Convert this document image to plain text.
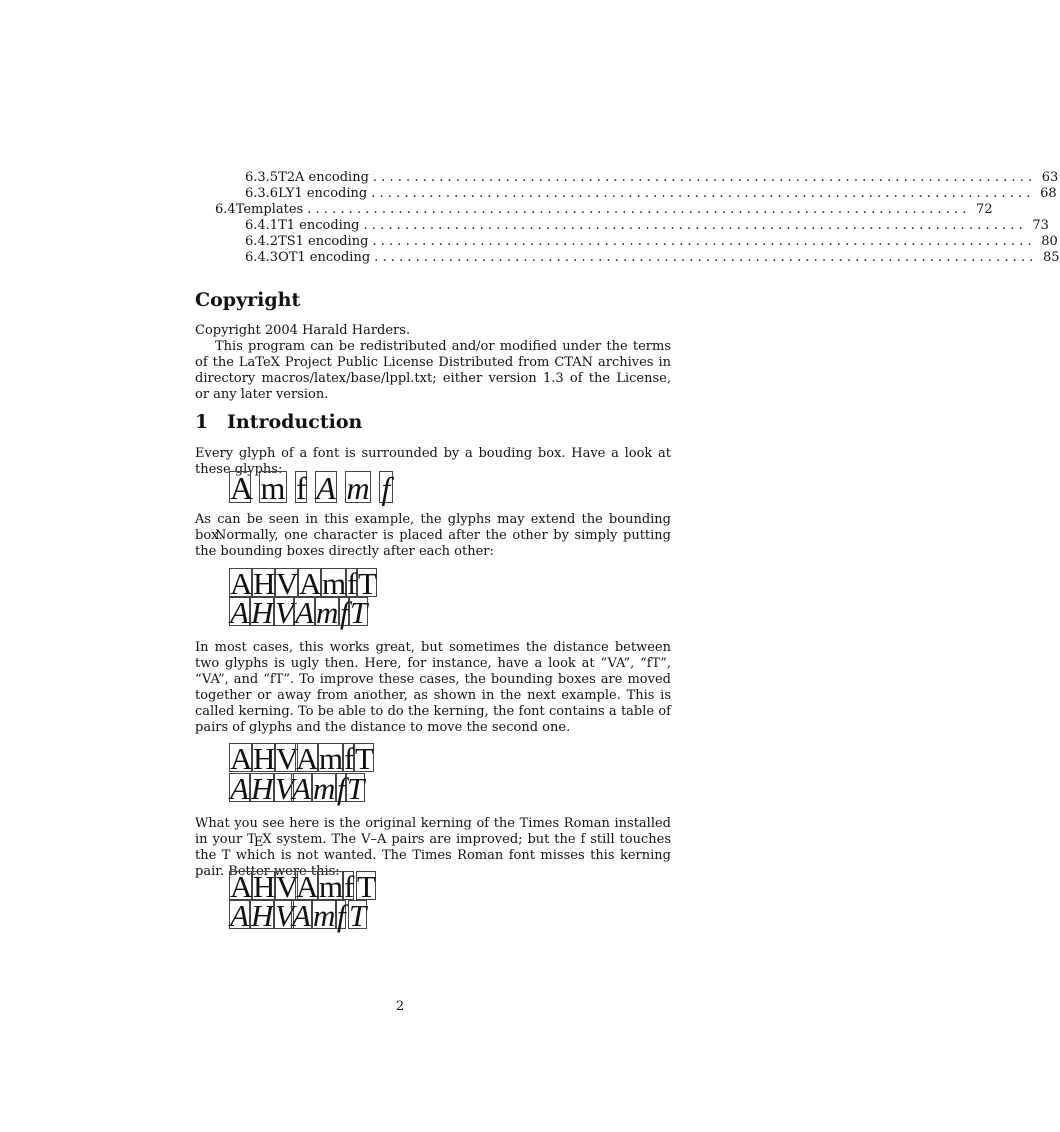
6.3.5 T2A encoding ................................................................................ 63
6.3.6 LY1 encoding ................................................................................ 68
6.4 Templates ................................................................................ 72
6.4.1 T1 encoding ................................................................................ 73
6.4.2 TS1 encoding ................................................................................ 80
6.4.3 OT1 encoding ................................................................................ 85
Copyright

Copyright 2004 Harald Harders.

This program can be redistributed and/or modified under the terms of the LaTeX Project Public License Distributed from CTAN archives in directory macros/latex/base/lppl.txt; either version 1.3 of the License, or any later version.

1 Introduction

Every glyph of a font is surrounded by a bouding box. Have a look at these glyphs:

A m f A m f

As can be seen in this example, the glyphs may extend the bounding box.

Normally, one character is placed after the other by simply putting the bounding boxes directly after each other:

AHVAmfT
AHVAmfT

In most cases, this works great, but sometimes the distance between two glyphs is ugly then. Here, for instance, have a look at “VA”, “fT”, “VA”, and “fT”. To improve these cases, the bounding boxes are moved together or away from another, as shown in the next example. This is called kerning. To be able to do the kerning, the font contains a table of pairs of glyphs and the distance to move the second one.

AHVAmfT
AHVAmfT

What you see here is the original kerning of the Times Roman installed in your TEX system. The V–A pairs are improved; but the f still touches the T which is not wanted. The Times Roman font misses this kerning pair. Better were this:

AHVAmfT
AHVAmf T
2
